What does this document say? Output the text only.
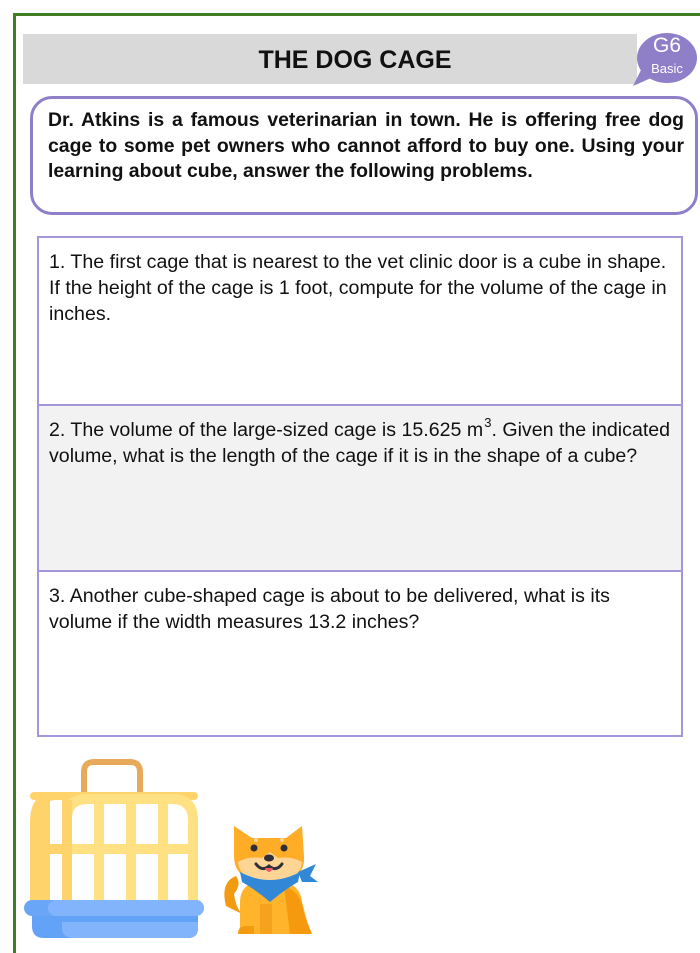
THE DOG CAGE
G6
Basic
Dr. Atkins is a famous veterinarian in town. He is offering free dog cage to some pet owners who cannot afford to buy one. Using your learning about cube, answer the following problems.
1. The first cage that is nearest to the vet clinic door is a cube in shape. If the height of the cage is 1 foot, compute for the volume of the cage in inches.
2. The volume of the large-sized cage is 15.625 $m^3$. Given the indicated volume, what is the length of the cage if it is in the shape of a cube?
3. Another cube-shaped cage is about to be delivered, what is its volume if the width measures 13.2 inches?
